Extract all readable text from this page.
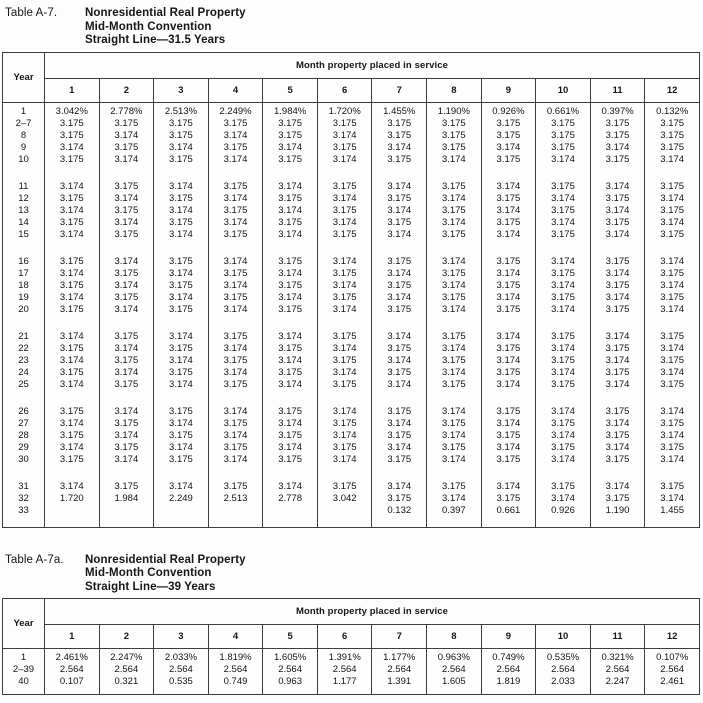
Table A-7.	Nonresidential Real Property
Mid-Month Convention
Straight Line—31.5 Years
Year	Month property placed in service											
	1	2	3	4	5	6	7	8	9	10	11	12

1	3.042%	2.778%	2.513%	2.249%	1.984%	1.720%	1.455%	1.190%	0.926%	0.661%	0.397%	0.132%
2–7	3.175	3.175	3.175	3.175	3.175	3.175	3.175	3.175	3.175	3.175	3.175	3.175
8	3.175	3.174	3.175	3.174	3.175	3.174	3.175	3.175	3.175	3.175	3.175	3.175
9	3.174	3.175	3.174	3.175	3.174	3.175	3.174	3.175	3.174	3.175	3.174	3.175
10	3.175	3.174	3.175	3.174	3.175	3.174	3.175	3.174	3.175	3.174	3.175	3.174

11	3.174	3.175	3.174	3.175	3.174	3.175	3.174	3.175	3.174	3.175	3.174	3.175
12	3.175	3.174	3.175	3.174	3.175	3.174	3.175	3.174	3.175	3.174	3.175	3.174
13	3.174	3.175	3.174	3.175	3.174	3.175	3.174	3.175	3.174	3.175	3.174	3.175
14	3.175	3.174	3.175	3.174	3.175	3.174	3.175	3.174	3.175	3.174	3.175	3.174
15	3.174	3.175	3.174	3.175	3.174	3.175	3.174	3.175	3.174	3.175	3.174	3.175

16	3.175	3.174	3.175	3.174	3.175	3.174	3.175	3.174	3.175	3.174	3.175	3.174
17	3.174	3.175	3.174	3.175	3.174	3.175	3.174	3.175	3.174	3.175	3.174	3.175
18	3.175	3.174	3.175	3.174	3.175	3.174	3.175	3.174	3.175	3.174	3.175	3.174
19	3.174	3.175	3.174	3.175	3.174	3.175	3.174	3.175	3.174	3.175	3.174	3.175
20	3.175	3.174	3.175	3.174	3.175	3.174	3.175	3.174	3.175	3.174	3.175	3.174

21	3.174	3.175	3.174	3.175	3.174	3.175	3.174	3.175	3.174	3.175	3.174	3.175
22	3.175	3.174	3.175	3.174	3.175	3.174	3.175	3.174	3.175	3.174	3.175	3.174
23	3.174	3.175	3.174	3.175	3.174	3.175	3.174	3.175	3.174	3.175	3.174	3.175
24	3.175	3.174	3.175	3.174	3.175	3.174	3.175	3.174	3.175	3.174	3.175	3.174
25	3.174	3.175	3.174	3.175	3.174	3.175	3.174	3.175	3.174	3.175	3.174	3.175

26	3.175	3.174	3.175	3.174	3.175	3.174	3.175	3.174	3.175	3.174	3.175	3.174
27	3.174	3.175	3.174	3.175	3.174	3.175	3.174	3.175	3.174	3.175	3.174	3.175
28	3.175	3.174	3.175	3.174	3.175	3.174	3.175	3.174	3.175	3.174	3.175	3.174
29	3.174	3.175	3.174	3.175	3.174	3.175	3.174	3.175	3.174	3.175	3.174	3.175
30	3.175	3.174	3.175	3.174	3.175	3.174	3.175	3.174	3.175	3.174	3.175	3.174

31	3.174	3.175	3.174	3.175	3.174	3.175	3.174	3.175	3.174	3.175	3.174	3.175
32	1.720	1.984	2.249	2.513	2.778	3.042	3.175	3.174	3.175	3.174	3.175	3.174
33							0.132	0.397	0.661	0.926	1.190	1.455

Table A-7a.	Nonresidential Real Property
Mid-Month Convention
Straight Line—39 Years
Year	Month property placed in service											
	1	2	3	4	5	6	7	8	9	10	11	12

1	2.461%	2.247%	2.033%	1.819%	1.605%	1.391%	1.177%	0.963%	0.749%	0.535%	0.321%	0.107%
2–39	2.564	2.564	2.564	2.564	2.564	2.564	2.564	2.564	2.564	2.564	2.564	2.564
40	0.107	0.321	0.535	0.749	0.963	1.177	1.391	1.605	1.819	2.033	2.247	2.461
